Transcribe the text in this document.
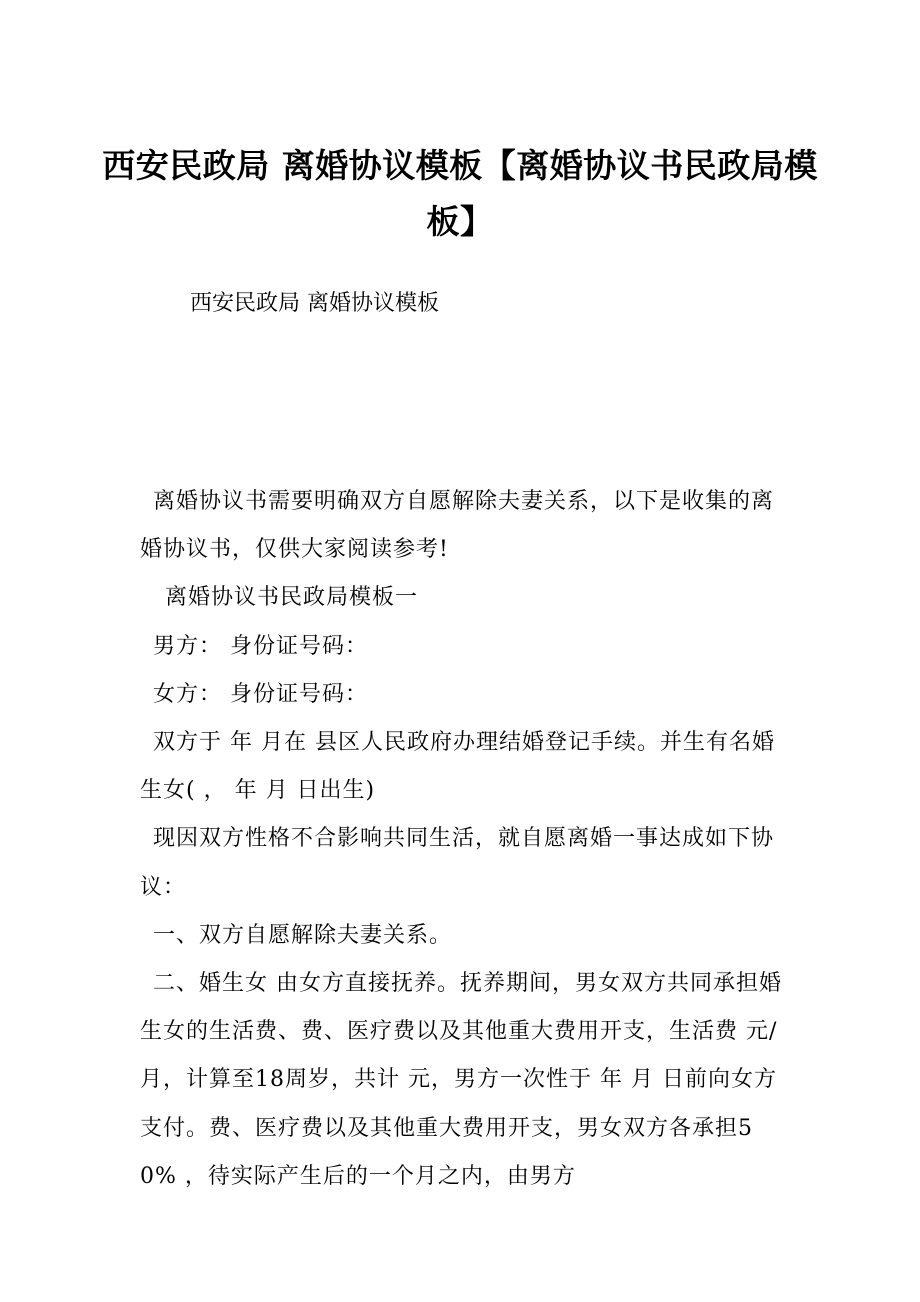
西安民政局 离婚协议模板【离婚协议书民政局模板】

西安民政局 离婚协议模板

离婚协议书需要明确双方自愿解除夫妻关系，以下是收集的离婚协议书，仅供大家阅读参考!

离婚协议书民政局模板一

男方： 身份证号码：

女方： 身份证号码：

双方于 年 月在 县区人民政府办理结婚登记手续。并生有名婚生女( ， 年 月 日出生)

现因双方性格不合影响共同生活，就自愿离婚一事达成如下协议：

一、双方自愿解除夫妻关系。

二、婚生女 由女方直接抚养。抚养期间，男女双方共同承担婚生女的生活费、费、医疗费以及其他重大费用开支，生活费 元/月，计算至18周岁，共计 元，男方一次性于 年 月 日前向女方支付。费、医疗费以及其他重大费用开支，男女双方各承担50% ，待实际产生后的一个月之内，由男方
